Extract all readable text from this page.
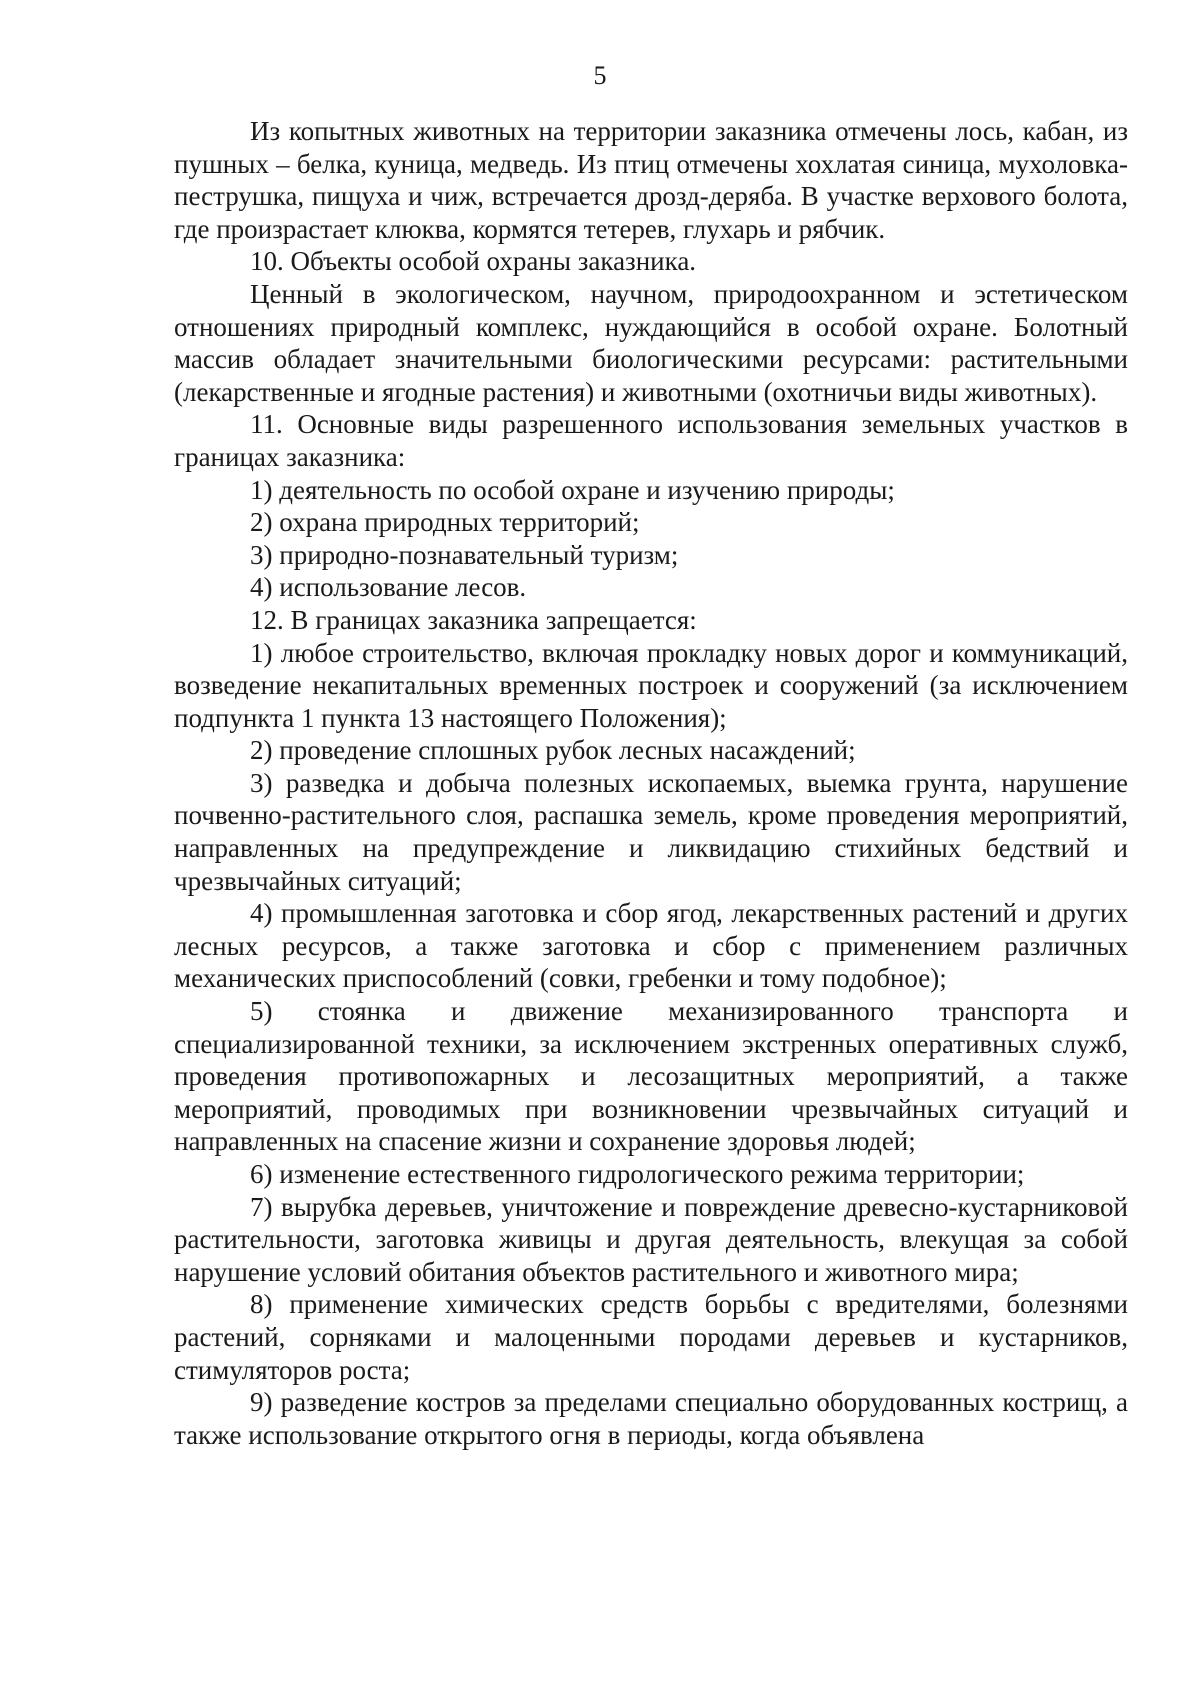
5

Из копытных животных на территории заказника отмечены лось, кабан, из пушных – белка, куница, медведь. Из птиц отмечены хохлатая синица, мухоловка-пеструшка, пищуха и чиж, встречается дрозд-деряба. В участке верхового болота, где произрастает клюква, кормятся тетерев, глухарь и рябчик.

10. Объекты особой охраны заказника.

Ценный в экологическом, научном, природоохранном и эстетическом отношениях природный комплекс, нуждающийся в особой охране. Болотный массив обладает значительными биологическими ресурсами: растительными (лекарственные и ягодные растения) и животными (охотничьи виды животных).

11. Основные виды разрешенного использования земельных участков в границах заказника:

1) деятельность по особой охране и изучению природы;

2) охрана природных территорий;

3) природно-познавательный туризм;

4) использование лесов.

12. В границах заказника запрещается:

1) любое строительство, включая прокладку новых дорог и коммуникаций, возведение некапитальных временных построек и сооружений (за исключением подпункта 1 пункта 13 настоящего Положения);

2) проведение сплошных рубок лесных насаждений;

3) разведка и добыча полезных ископаемых, выемка грунта, нарушение почвенно-растительного слоя, распашка земель, кроме проведения мероприятий, направленных на предупреждение и ликвидацию стихийных бедствий и чрезвычайных ситуаций;

4) промышленная заготовка и сбор ягод, лекарственных растений и других лесных ресурсов, а также заготовка и сбор с применением различных механических приспособлений (совки, гребенки и тому подобное);

5) стоянка и движение механизированного транспорта и специализированной техники, за исключением экстренных оперативных служб, проведения противопожарных и лесозащитных мероприятий, а также мероприятий, проводимых при возникновении чрезвычайных ситуаций и направленных на спасение жизни и сохранение здоровья людей;

6) изменение естественного гидрологического режима территории;

7) вырубка деревьев, уничтожение и повреждение древесно-кустарниковой растительности, заготовка живицы и другая деятельность, влекущая за собой нарушение условий обитания объектов растительного и животного мира;

8) применение химических средств борьбы с вредителями, болезнями растений, сорняками и малоценными породами деревьев и кустарников, стимуляторов роста;

9) разведение костров за пределами специально оборудованных кострищ, а также использование открытого огня в периоды, когда объявлена
